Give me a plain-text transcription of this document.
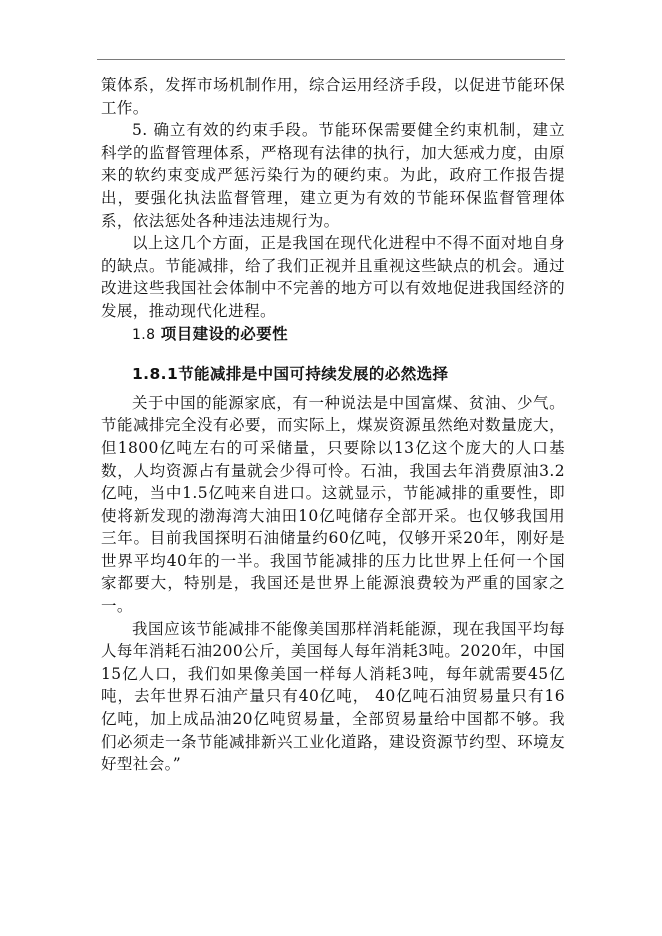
策体系，发挥市场机制作用，综合运用经济手段，以促进节能环保工作。

5. 确立有效的约束手段。节能环保需要健全约束机制，建立科学的监督管理体系，严格现有法律的执行，加大惩戒力度，由原来的软约束变成严惩污染行为的硬约束。为此，政府工作报告提出，要强化执法监督管理，建立更为有效的节能环保监督管理体系，依法惩处各种违法违规行为。

以上这几个方面，正是我国在现代化进程中不得不面对地自身的缺点。节能减排，给了我们正视并且重视这些缺点的机会。通过改进这些我国社会体制中不完善的地方可以有效地促进我国经济的发展，推动现代化进程。

1.8 项目建设的必要性
1.8.1节能减排是中国可持续发展的必然选择

关于中国的能源家底，有一种说法是中国富煤、贫油、少气。节能减排完全没有必要，而实际上，煤炭资源虽然绝对数量庞大，但1800亿吨左右的可采储量，只要除以13亿这个庞大的人口基数，人均资源占有量就会少得可怜。石油，我国去年消费原油3.2亿吨，当中1.5亿吨来自进口。这就显示，节能减排的重要性，即使将新发现的渤海湾大油田10亿吨储存全部开采。也仅够我国用三年。目前我国探明石油储量约60亿吨，仅够开采20年，刚好是世界平均40年的一半。我国节能减排的压力比世界上任何一个国家都要大，特别是，我国还是世界上能源浪费较为严重的国家之一。

我国应该节能减排不能像美国那样消耗能源，现在我国平均每人每年消耗石油200公斤，美国每人每年消耗3吨。2020年，中国15亿人口，我们如果像美国一样每人消耗3吨，每年就需要45亿吨，去年世界石油产量只有40亿吨， 40亿吨石油贸易量只有16亿吨，加上成品油20亿吨贸易量，全部贸易量给中国都不够。我们必须走一条节能减排新兴工业化道路，建设资源节约型、环境友好型社会。”
